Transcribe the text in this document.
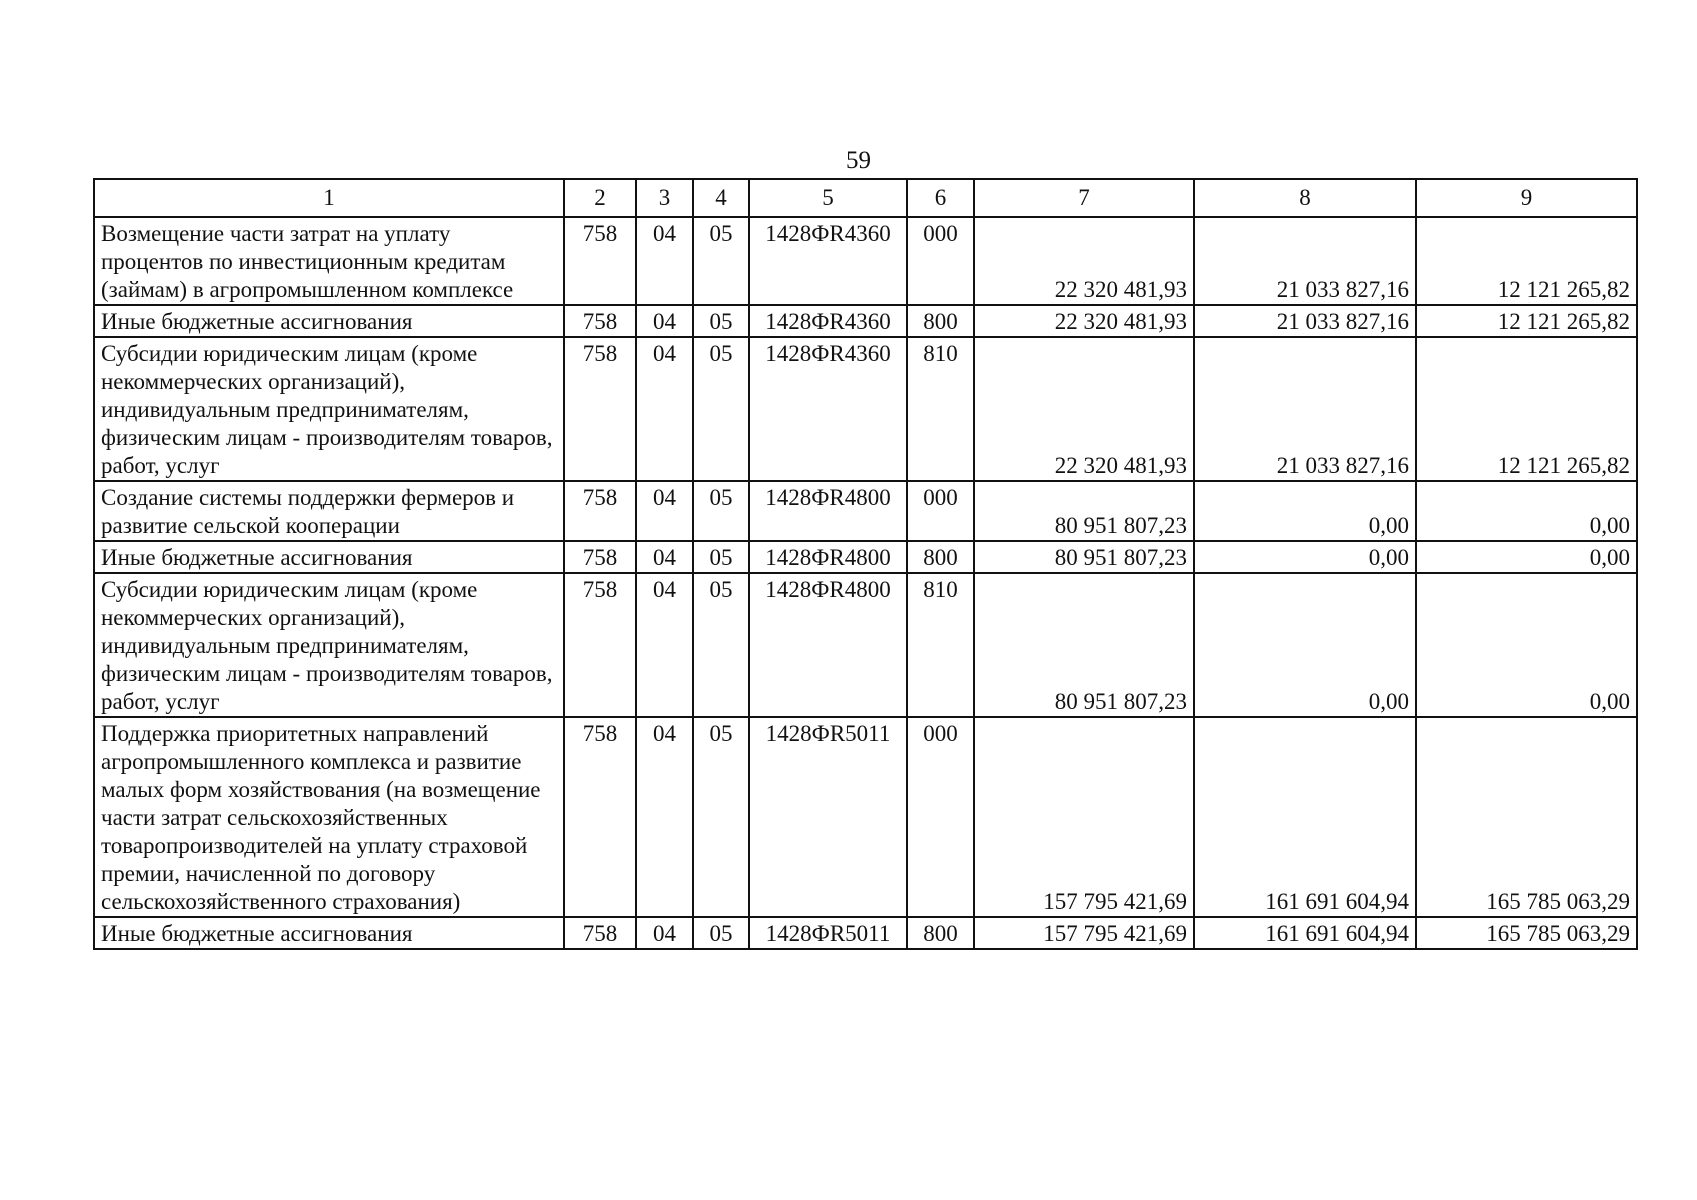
59
1	2	3	4	5	6	7	8	9
Возмещение части затрат на уплату процентов по инвестиционным кредитам (займам) в агропромышленном комплексе	758	04	05	1428ФR4360	000	22 320 481,93	21 033 827,16	12 121 265,82
Иные бюджетные ассигнования	758	04	05	1428ФR4360	800	22 320 481,93	21 033 827,16	12 121 265,82
Субсидии юридическим лицам (кроме некоммерческих организаций), индивидуальным предпринимателям, физическим лицам - производителям товаров, работ, услуг	758	04	05	1428ФR4360	810	22 320 481,93	21 033 827,16	12 121 265,82
Создание системы поддержки фермеров и развитие сельской кооперации	758	04	05	1428ФR4800	000	80 951 807,23	0,00	0,00
Иные бюджетные ассигнования	758	04	05	1428ФR4800	800	80 951 807,23	0,00	0,00
Субсидии юридическим лицам (кроме некоммерческих организаций), индивидуальным предпринимателям, физическим лицам - производителям товаров, работ, услуг	758	04	05	1428ФR4800	810	80 951 807,23	0,00	0,00
Поддержка приоритетных направлений агропромышленного комплекса и развитие малых форм хозяйствования (на возмещение части затрат сельскохозяйственных товаропроизводителей на уплату страховой премии, начисленной по договору сельскохозяйственного страхования)	758	04	05	1428ФR5011	000	157 795 421,69	161 691 604,94	165 785 063,29
Иные бюджетные ассигнования	758	04	05	1428ФR5011	800	157 795 421,69	161 691 604,94	165 785 063,29
